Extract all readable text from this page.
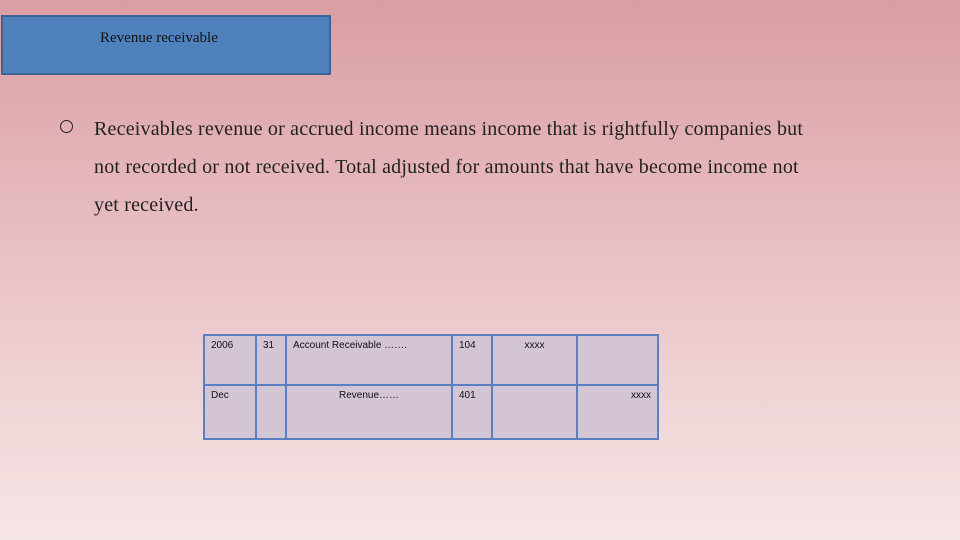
Revenue receivable
Receivables revenue or accrued income means income that is rightfully companies but
not recorded or not received. Total adjusted for amounts that have become income not
yet received.
2006	31	Account Receivable …….	104	xxxx	
Dec		Revenue……	401		xxxx
